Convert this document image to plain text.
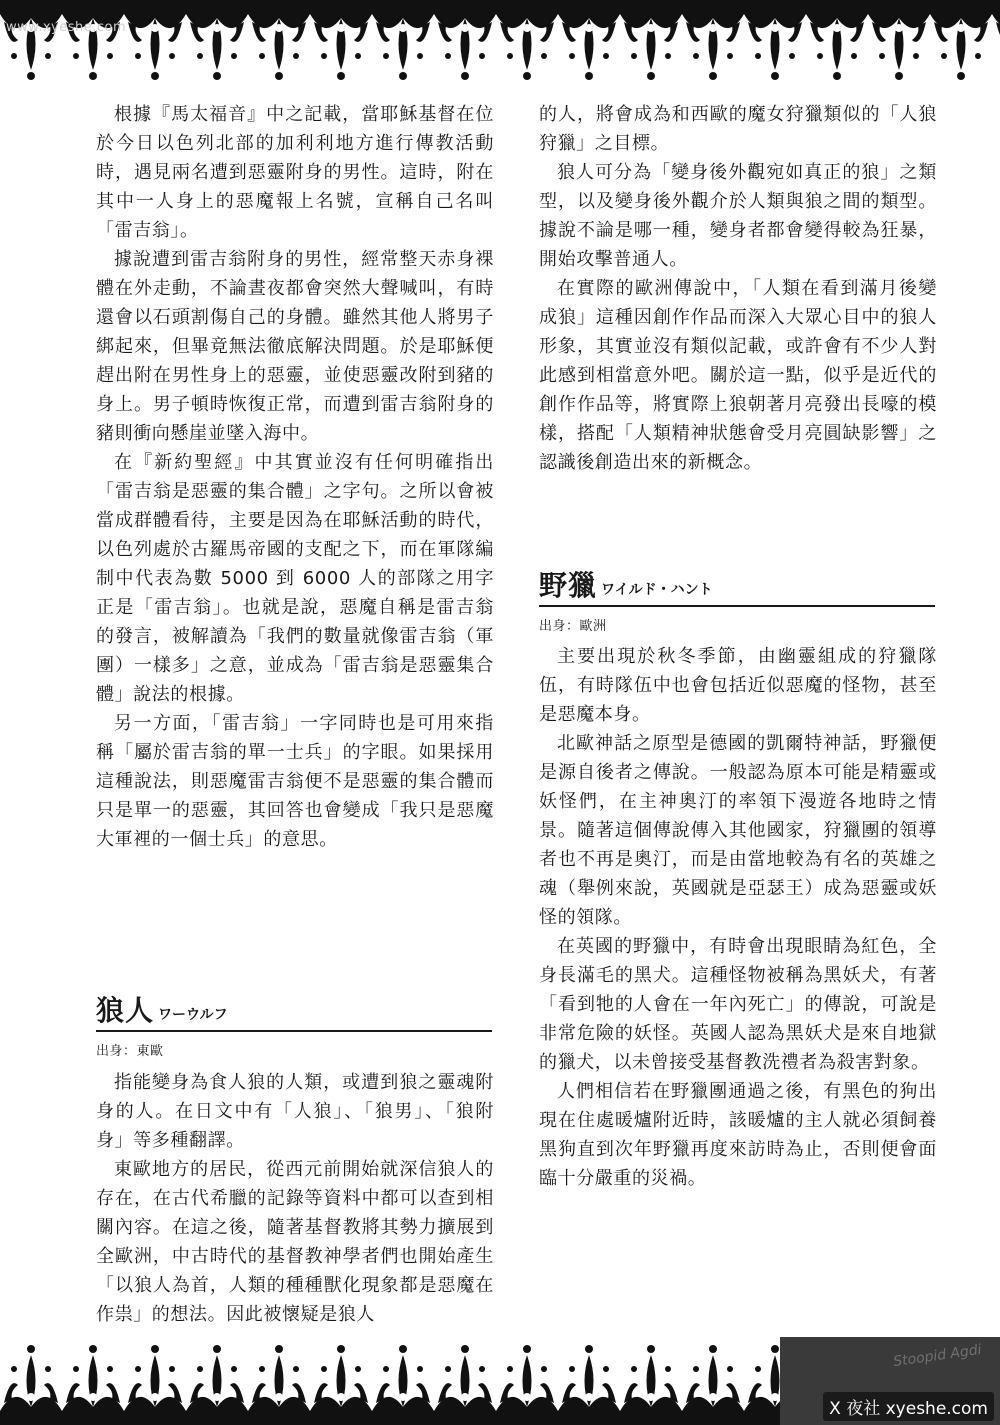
www.xyeshe.com

根據『馬太福音』中之記載，當耶穌基督在位於今日以色列北部的加利利地方進行傳教活動時，遇見兩名遭到惡靈附身的男性。這時，附在其中一人身上的惡魔報上名號，宣稱自己名叫「雷吉翁」。

據說遭到雷吉翁附身的男性，經常整天赤身裸體在外走動，不論晝夜都會突然大聲喊叫，有時還會以石頭割傷自己的身體。雖然其他人將男子綁起來，但畢竟無法徹底解決問題。於是耶穌便趕出附在男性身上的惡靈，並使惡靈改附到豬的身上。男子頓時恢復正常，而遭到雷吉翁附身的豬則衝向懸崖並墜入海中。

在『新約聖經』中其實並沒有任何明確指出「雷吉翁是惡靈的集合體」之字句。之所以會被當成群體看待，主要是因為在耶穌活動的時代，以色列處於古羅馬帝國的支配之下，而在軍隊編制中代表為數 5000 到 6000 人的部隊之用字正是「雷吉翁」。也就是說，惡魔自稱是雷吉翁的發言，被解讀為「我們的數量就像雷吉翁（軍團）一樣多」之意，並成為「雷吉翁是惡靈集合體」說法的根據。

另一方面，「雷吉翁」一字同時也是可用來指稱「屬於雷吉翁的單一士兵」的字眼。如果採用這種說法，則惡魔雷吉翁便不是惡靈的集合體而只是單一的惡靈，其回答也會變成「我只是惡魔大軍裡的一個士兵」的意思。

狼人 ワーウルフ
出身：東歐

指能變身為食人狼的人類，或遭到狼之靈魂附身的人。在日文中有「人狼」、「狼男」、「狼附身」等多種翻譯。

東歐地方的居民，從西元前開始就深信狼人的存在，在古代希臘的記錄等資料中都可以查到相關內容。在這之後，隨著基督教將其勢力擴展到全歐洲，中古時代的基督教神學者們也開始產生「以狼人為首，人類的種種獸化現象都是惡魔在作祟」的想法。因此被懷疑是狼人

的人，將會成為和西歐的魔女狩獵類似的「人狼狩獵」之目標。

狼人可分為「變身後外觀宛如真正的狼」之類型，以及變身後外觀介於人類與狼之間的類型。據說不論是哪一種，變身者都會變得較為狂暴，開始攻擊普通人。

在實際的歐洲傳說中，「人類在看到滿月後變成狼」這種因創作作品而深入大眾心目中的狼人形象，其實並沒有類似記載，或許會有不少人對此感到相當意外吧。關於這一點，似乎是近代的創作作品等，將實際上狼朝著月亮發出長嚎的模樣，搭配「人類精神狀態會受月亮圓缺影響」之認識後創造出來的新概念。

野獵 ワイルド・ハント
出身：歐洲

主要出現於秋冬季節，由幽靈組成的狩獵隊伍，有時隊伍中也會包括近似惡魔的怪物，甚至是惡魔本身。

北歐神話之原型是德國的凱爾特神話，野獵便是源自後者之傳說。一般認為原本可能是精靈或妖怪們，在主神奧汀的率領下漫遊各地時之情景。隨著這個傳說傳入其他國家，狩獵團的領導者也不再是奧汀，而是由當地較為有名的英雄之魂（舉例來說，英國就是亞瑟王）成為惡靈或妖怪的領隊。

在英國的野獵中，有時會出現眼睛為紅色，全身長滿毛的黑犬。這種怪物被稱為黑妖犬，有著「看到牠的人會在一年內死亡」的傳說，可說是非常危險的妖怪。英國人認為黑妖犬是來自地獄的獵犬，以未曾接受基督教洗禮者為殺害對象。

人們相信若在野獵團通過之後，有黑色的狗出現在住處暖爐附近時，該暖爐的主人就必須飼養黑狗直到次年野獵再度來訪時為止，否則便會面臨十分嚴重的災禍。

Stoopid Agdi
X 夜社 xyeshe.com
